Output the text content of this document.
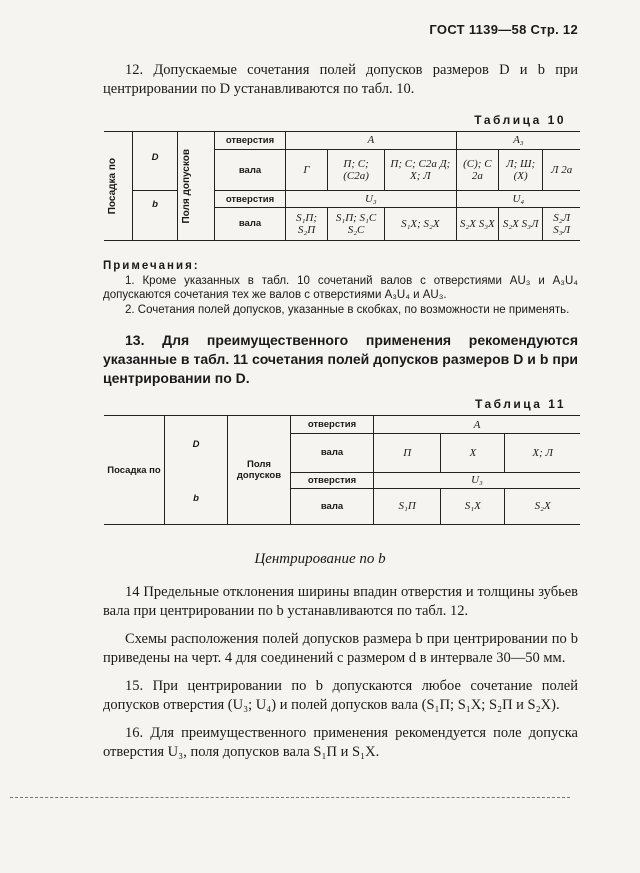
ГОСТ 1139—58 Стр. 12
12. Допускаемые сочетания полей допусков размеров D и b при центрировании по D устанавливаются по табл. 10.
Таблица 10
Посадка по	D	Поля допусков	отверстия	A			A₃		
			вала	Г	П; С; (С2а)	П; С; С2а Д; Х; Л	(С); С 2а	Л; Ш; (Х)	Л 2а
	b		отверстия	U₃			U₄		
			вала	S₁П; S₂П	S₁П; S₁С S₂С	S₁Х; S₂Х	S₂Х S₃Х	S₂Х S₃Л	S₂Л S₃Л
Примечания:
1. Кроме указанных в табл. 10 сочетаний валов с отверстиями AU₃ и A₃U₄ допускаются сочетания тех же валов с отверстиями A₃U₄ и AU₃.
2. Сочетания полей допусков, указанные в скобках, по возможности не применять.
13. Для преимущественного применения рекомендуются указанные в табл. 11 сочетания полей допусков размеров D и b при центрировании по D.
Таблица 11
Посадка по	D	Поля допусков	отверстия	A		
			вала	П	Х	Х; Л
	b		отверстия	U₃		
			вала	S₁П	S₁Х	S₂Х
Центрирование по b
14 Предельные отклонения ширины впадин отверстия и толщины зубьев вала при центрировании по b устанавливаются по табл. 12.
Схемы расположения полей допусков размера b при центрировании по b приведены на черт. 4 для соединений с размером d в интервале 30—50 мм.
15. При центрировании по b допускаются любое сочетание полей допусков отверстия (U₃; U₄) и полей допусков вала (S₁П; S₁Х; S₂П и S₂Х).
16. Для преимущественного применения рекомендуется поле допуска отверстия U₃, поля допусков вала S₁П и S₁Х.
